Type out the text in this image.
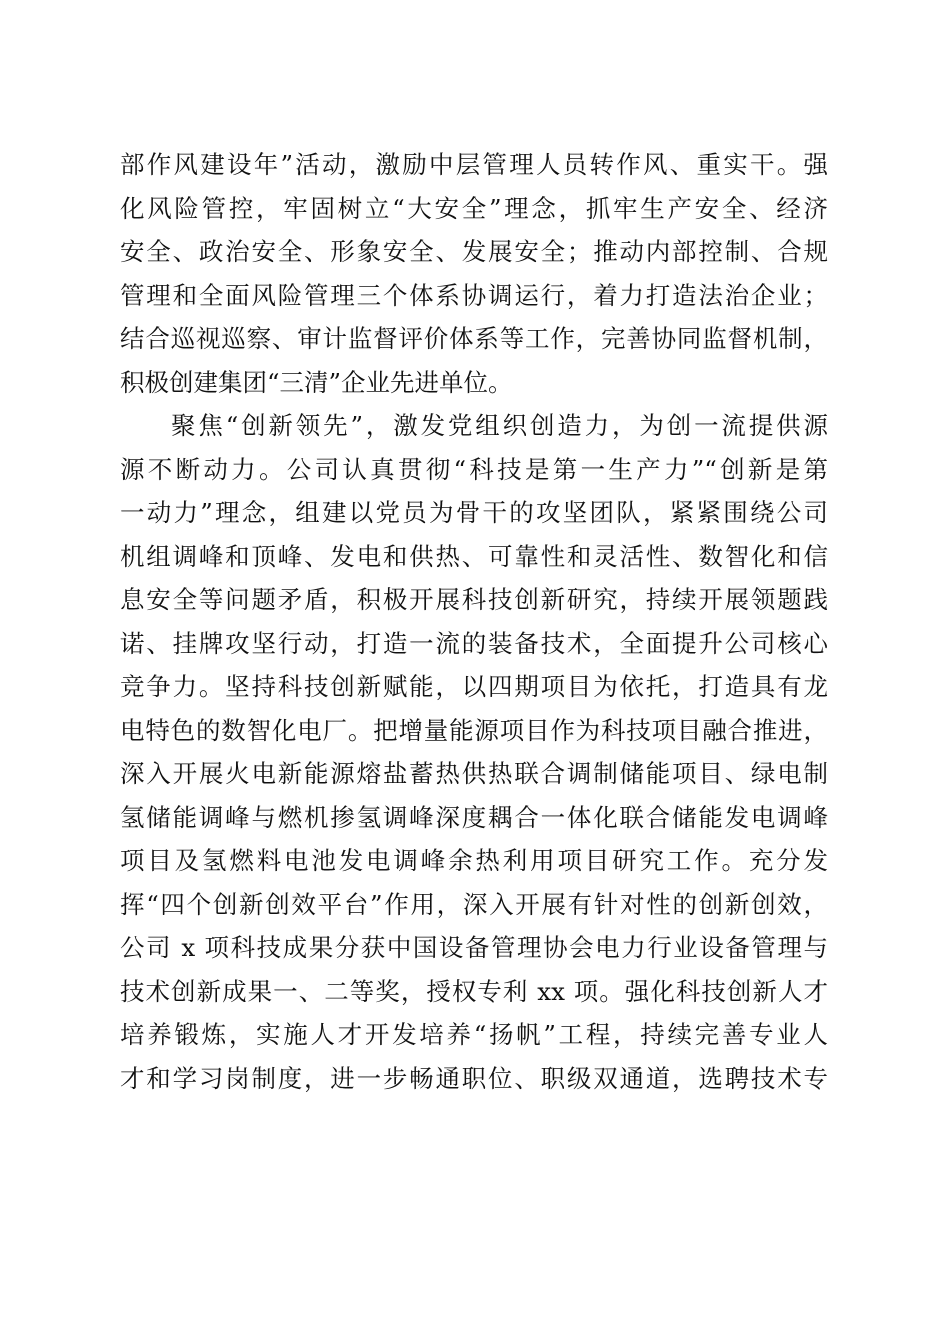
部作风建设年”活动，激励中层管理人员转作风、重实干。强
化风险管控，牢固树立“大安全”理念，抓牢生产安全、经济
安全、政治安全、形象安全、发展安全；推动内部控制、合规
管理和全面风险管理三个体系协调运行，着力打造法治企业；
结合巡视巡察、审计监督评价体系等工作，完善协同监督机制，
积极创建集团“三清”企业先进单位。
聚焦“创新领先”，激发党组织创造力，为创一流提供源
源不断动力。公司认真贯彻“科技是第一生产力”“创新是第
一动力”理念，组建以党员为骨干的攻坚团队，紧紧围绕公司
机组调峰和顶峰、发电和供热、可靠性和灵活性、数智化和信
息安全等问题矛盾，积极开展科技创新研究，持续开展领题践
诺、挂牌攻坚行动，打造一流的装备技术，全面提升公司核心
竞争力。坚持科技创新赋能，以四期项目为依托，打造具有龙
电特色的数智化电厂。把增量能源项目作为科技项目融合推进，
深入开展火电新能源熔盐蓄热供热联合调制储能项目、绿电制
氢储能调峰与燃机掺氢调峰深度耦合一体化联合储能发电调峰
项目及氢燃料电池发电调峰余热利用项目研究工作。充分发
挥“四个创新创效平台”作用，深入开展有针对性的创新创效，
公司 x 项科技成果分获中国设备管理协会电力行业设备管理与
技术创新成果一、二等奖，授权专利 xx 项。强化科技创新人才
培养锻炼，实施人才开发培养“扬帆”工程，持续完善专业人
才和学习岗制度，进一步畅通职位、职级双通道，选聘技术专
